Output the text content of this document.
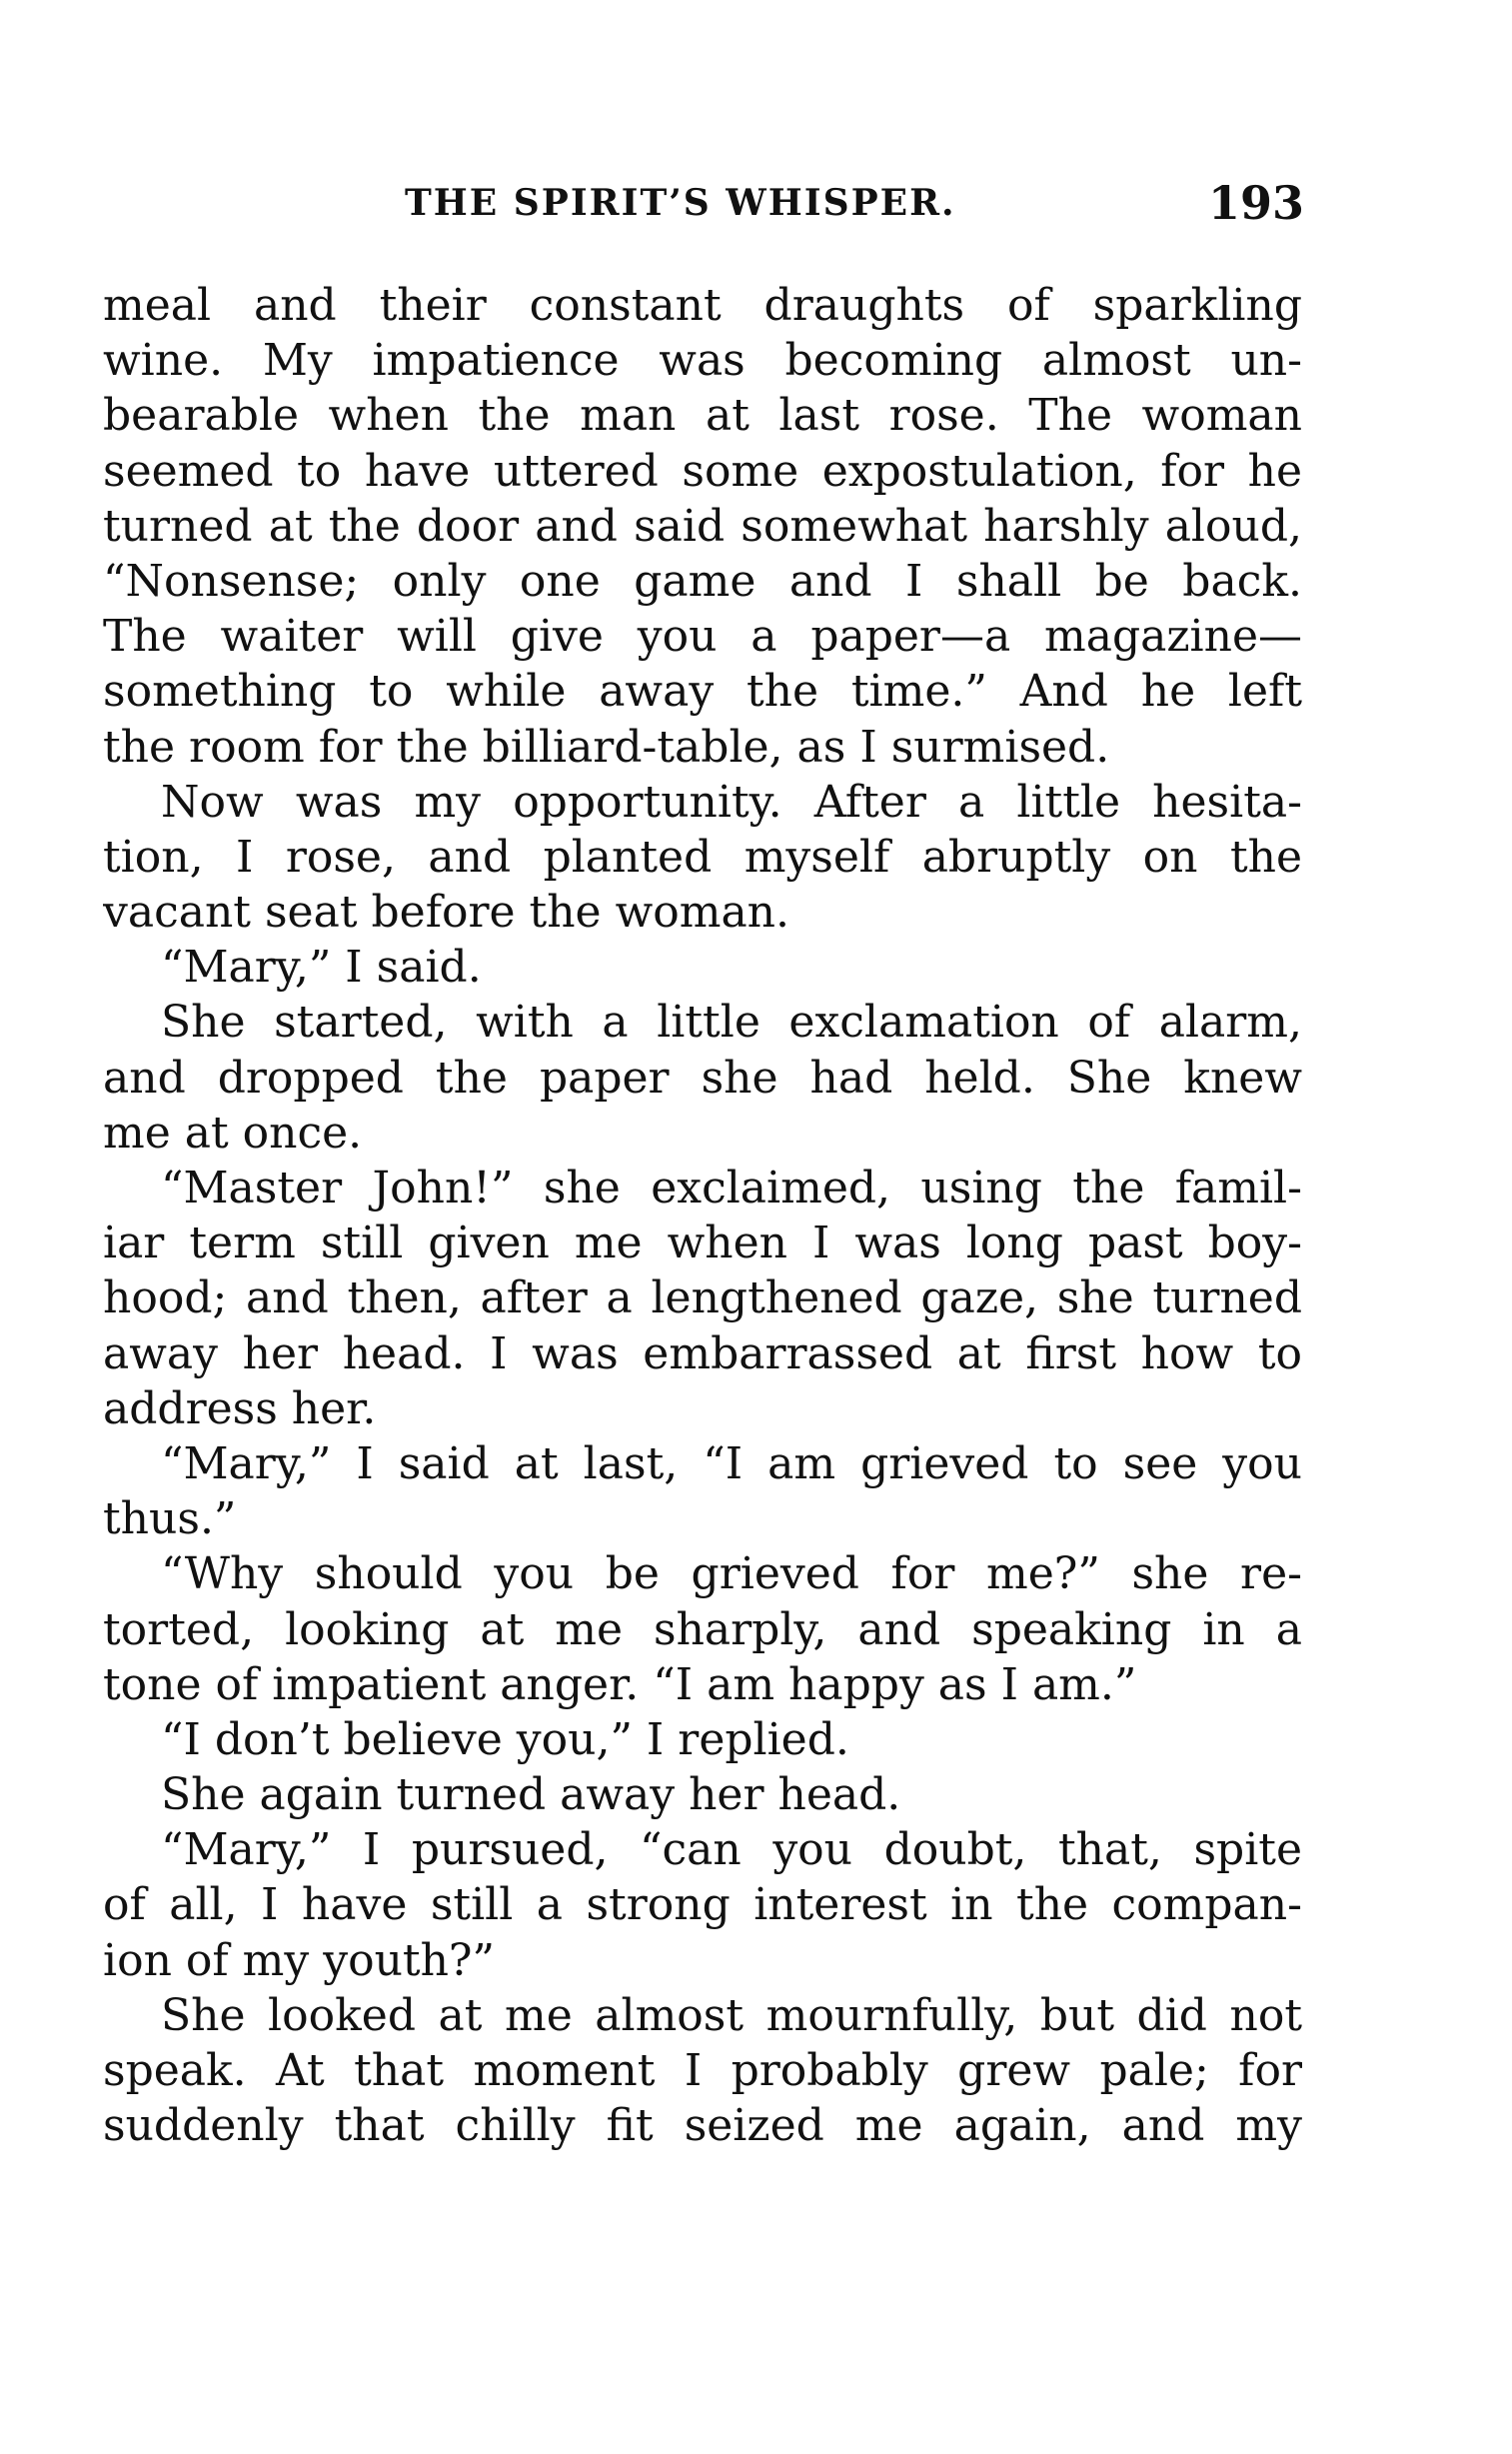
THE SPIRIT’S WHISPER.	193
meal and their constant draughts of sparkling
wine. My impatience was becoming almost un-
bearable when the man at last rose. The woman
seemed to have uttered some expostulation, for he
turned at the door and said somewhat harshly aloud,
“Nonsense; only one game and I shall be back.
The waiter will give you a paper—a magazine—
something to while away the time.” And he left
the room for the billiard-table, as I surmised.
Now was my opportunity. After a little hesita-
tion, I rose, and planted myself abruptly on the
vacant seat before the woman.
“Mary,” I said.
She started, with a little exclamation of alarm,
and dropped the paper she had held. She knew
me at once.
“Master John!” she exclaimed, using the famil-
iar term still given me when I was long past boy-
hood; and then, after a lengthened gaze, she turned
away her head. I was embarrassed at first how to
address her.
“Mary,” I said at last, “I am grieved to see you
thus.”
“Why should you be grieved for me?” she re-
torted, looking at me sharply, and speaking in a
tone of impatient anger. “I am happy as I am.”
“I don’t believe you,” I replied.
She again turned away her head.
“Mary,” I pursued, “can you doubt, that, spite
of all, I have still a strong interest in the compan-
ion of my youth?”
She looked at me almost mournfully, but did not
speak. At that moment I probably grew pale; for
suddenly that chilly fit seized me again, and my
